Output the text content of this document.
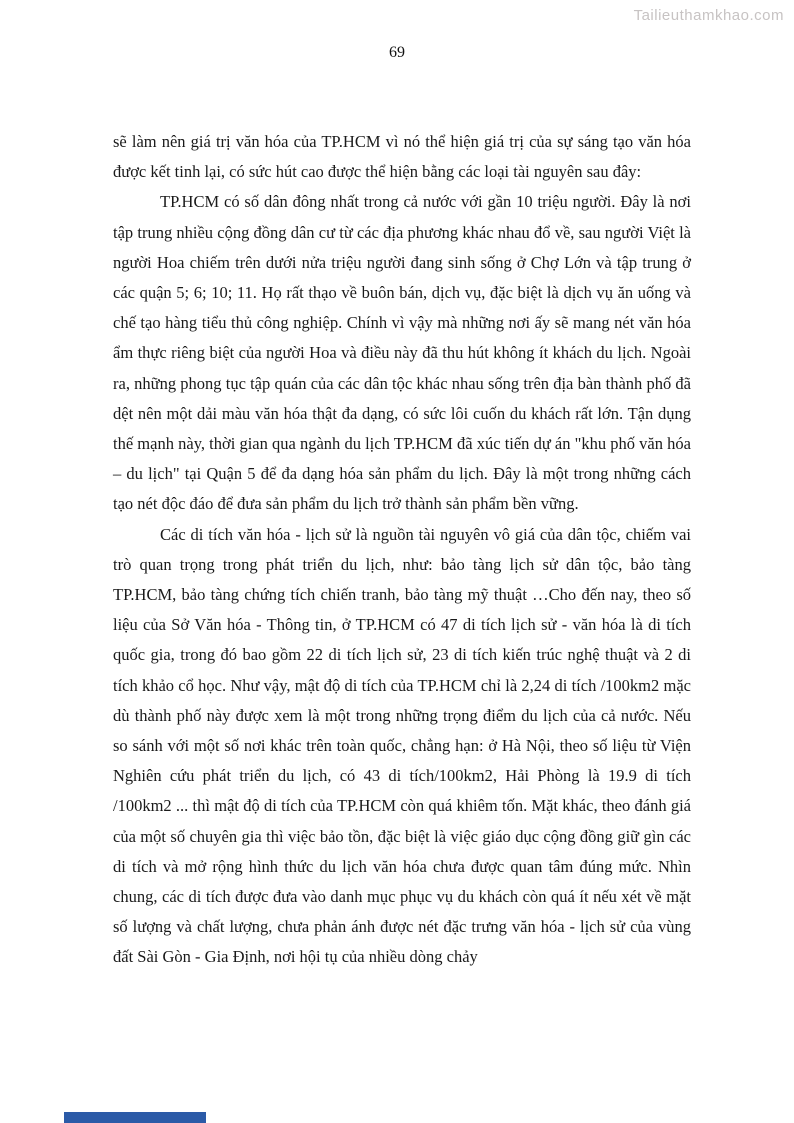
Tailieuthamkhao.com
69

sẽ làm nên giá trị văn hóa của TP.HCM vì nó thể hiện giá trị của sự sáng tạo văn hóa được kết tinh lại, có sức hút cao được thể hiện bằng các loại tài nguyên sau đây:

TP.HCM có số dân đông nhất trong cả nước với gần 10 triệu người. Đây là nơi tập trung nhiều cộng đồng dân cư từ các địa phương khác nhau đổ về, sau người Việt là người Hoa chiếm trên dưới nửa triệu người đang sinh sống ở Chợ Lớn và tập trung ở các quận 5; 6; 10; 11. Họ rất thạo về buôn bán, dịch vụ, đặc biệt là dịch vụ ăn uống và chế tạo hàng tiểu thủ công nghiệp. Chính vì vậy mà những nơi ấy sẽ mang nét văn hóa ẩm thực riêng biệt của người Hoa và điều này đã thu hút không ít khách du lịch. Ngoài ra, những phong tục tập quán của các dân tộc khác nhau sống trên địa bàn thành phố đã dệt nên một dải màu văn hóa thật đa dạng, có sức lôi cuốn du khách rất lớn. Tận dụng thế mạnh này, thời gian qua ngành du lịch TP.HCM đã xúc tiến dự án "khu phố văn hóa – du lịch" tại Quận 5 để đa dạng hóa sản phẩm du lịch. Đây là một trong những cách tạo nét độc đáo để đưa sản phẩm du lịch trở thành sản phẩm bền vững.

Các di tích văn hóa - lịch sử là nguồn tài nguyên vô giá của dân tộc, chiếm vai trò quan trọng trong phát triển du lịch, như: bảo tàng lịch sử dân tộc, bảo tàng TP.HCM, bảo tàng chứng tích chiến tranh, bảo tàng mỹ thuật …Cho đến nay, theo số liệu của Sở Văn hóa - Thông tin, ở TP.HCM có 47 di tích lịch sử - văn hóa là di tích quốc gia, trong đó bao gồm 22 di tích lịch sử, 23 di tích kiến trúc nghệ thuật và 2 di tích khảo cổ học. Như vậy, mật độ di tích của TP.HCM chỉ là 2,24 di tích /100km2 mặc dù thành phố này được xem là một trong những trọng điểm du lịch của cả nước. Nếu so sánh với một số nơi khác trên toàn quốc, chẳng hạn: ở Hà Nội, theo số liệu từ Viện Nghiên cứu phát triển du lịch, có 43 di tích/100km2, Hải Phòng là 19.9 di tích /100km2 ... thì mật độ di tích của TP.HCM còn quá khiêm tốn. Mặt khác, theo đánh giá của một số chuyên gia thì việc bảo tồn, đặc biệt là việc giáo dục cộng đồng giữ gìn các di tích và mở rộng hình thức du lịch văn hóa chưa được quan tâm đúng mức. Nhìn chung, các di tích được đưa vào danh mục phục vụ du khách còn quá ít nếu xét về mặt số lượng và chất lượng, chưa phản ánh được nét đặc trưng văn hóa - lịch sử của vùng đất Sài Gòn - Gia Định, nơi hội tụ của nhiều dòng chảy
